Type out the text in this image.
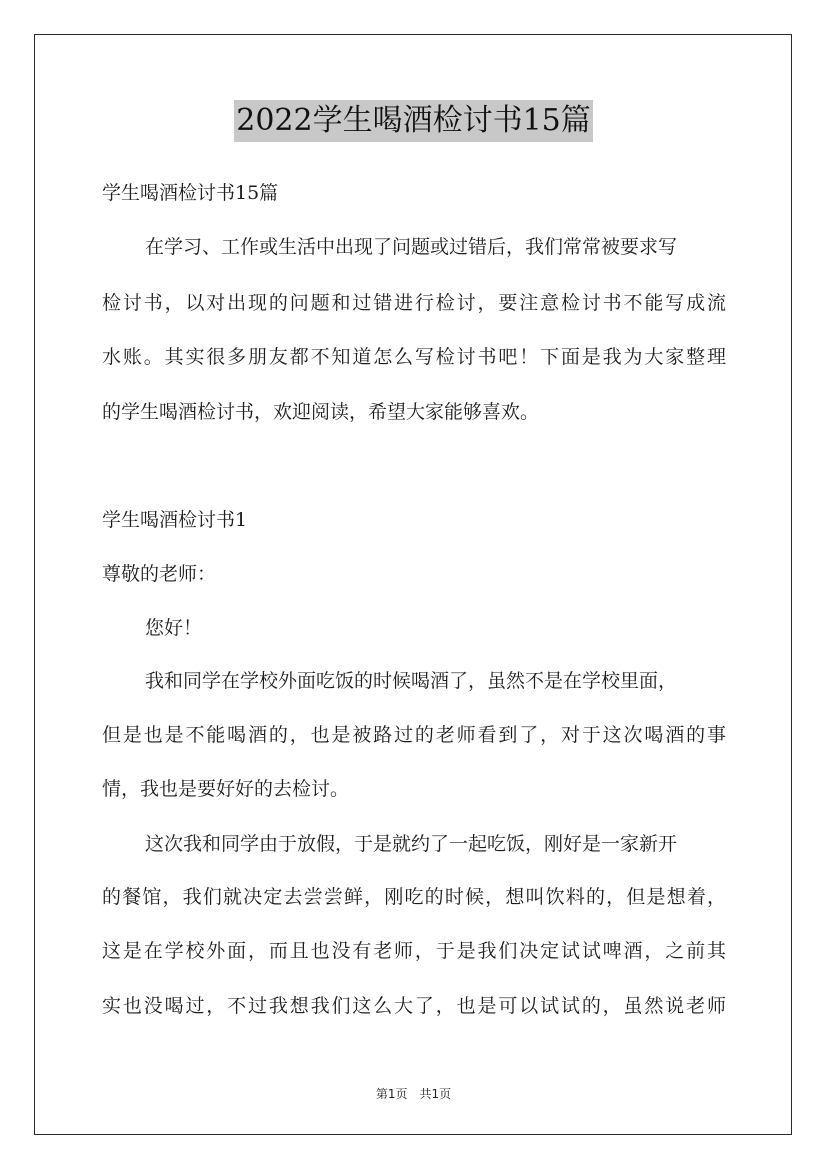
2022学生喝酒检讨书15篇
学生喝酒检讨书15篇
在学习、工作或生活中出现了问题或过错后，我们常常被要求写
检讨书，以对出现的问题和过错进行检讨，要注意检讨书不能写成流
水账。其实很多朋友都不知道怎么写检讨书吧！下面是我为大家整理
的学生喝酒检讨书，欢迎阅读，希望大家能够喜欢。
学生喝酒检讨书1
尊敬的老师：
您好！
我和同学在学校外面吃饭的时候喝酒了，虽然不是在学校里面，
但是也是不能喝酒的，也是被路过的老师看到了，对于这次喝酒的事
情，我也是要好好的去检讨。
这次我和同学由于放假，于是就约了一起吃饭，刚好是一家新开
的餐馆，我们就决定去尝尝鲜，刚吃的时候，想叫饮料的，但是想着，
这是在学校外面，而且也没有老师，于是我们决定试试啤酒，之前其
实也没喝过，不过我想我们这么大了，也是可以试试的，虽然说老师
第1页 共1页
